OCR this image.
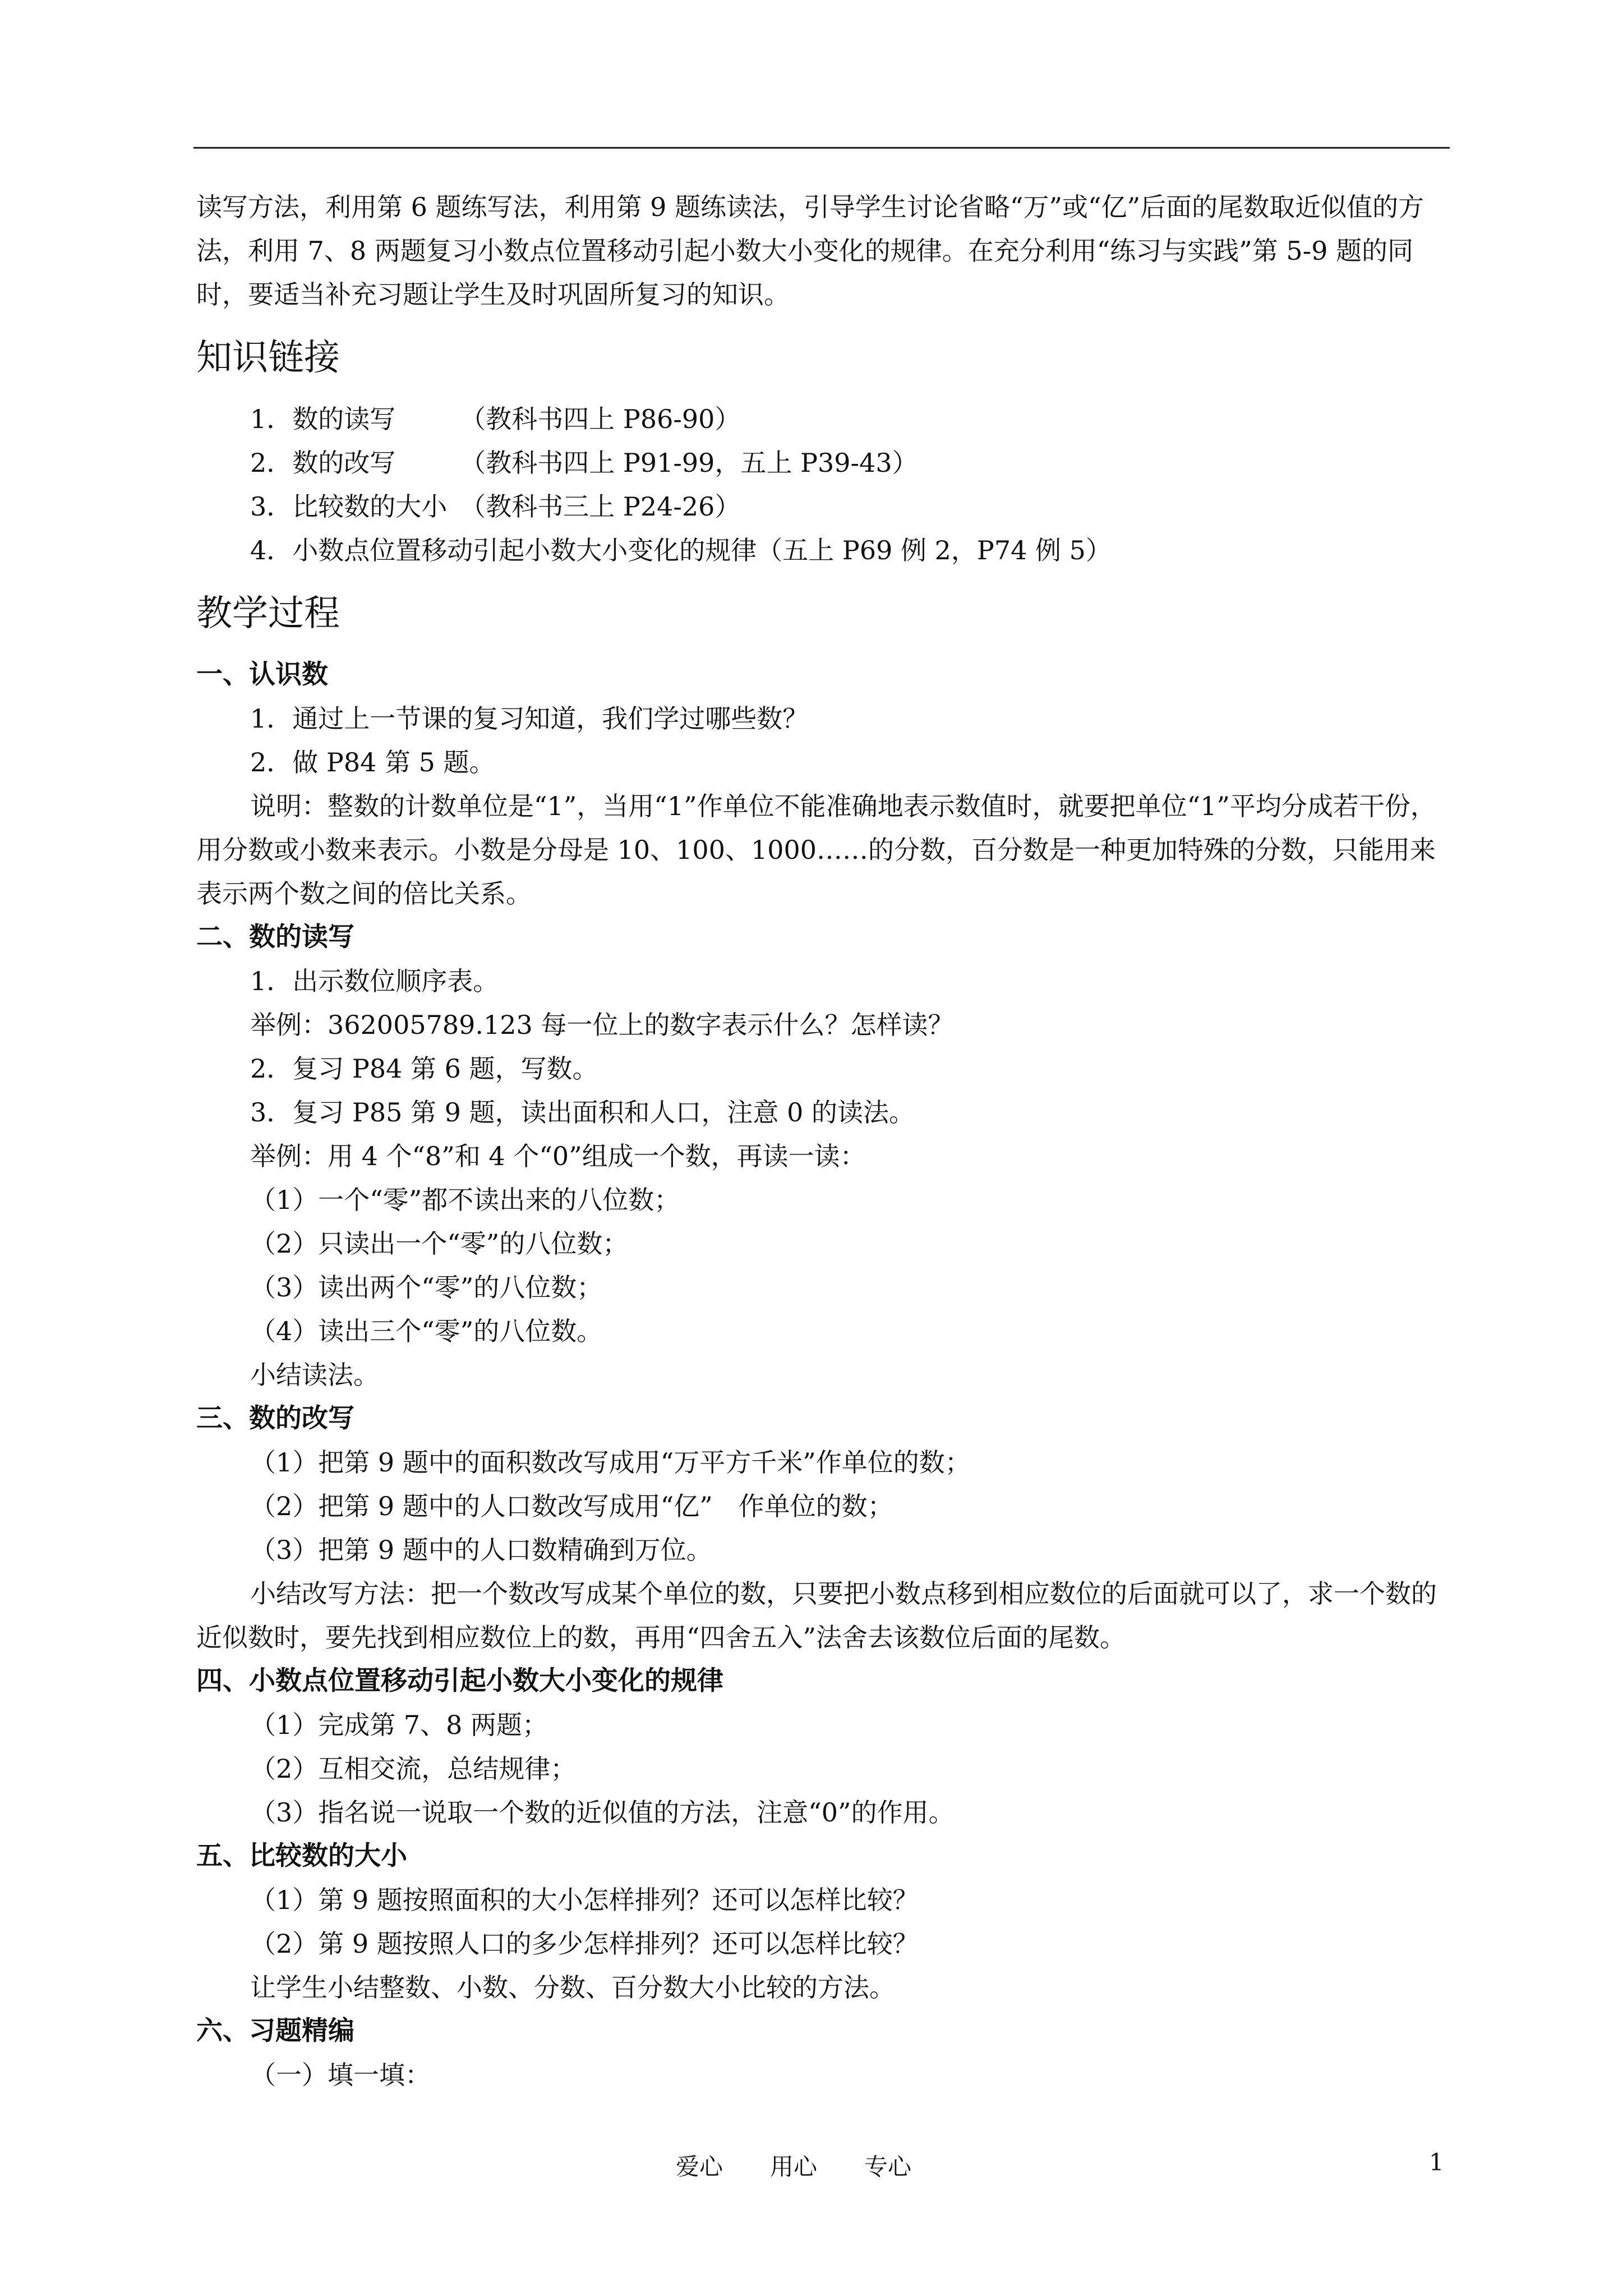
读写方法，利用第 6 题练写法，利用第 9 题练读法，引导学生讨论省略“万”或“亿”后面的尾数取近似值的方法，利用 7、8 两题复习小数点位置移动引起小数大小变化的规律。在充分利用“练习与实践”第 5-9 题的同时，要适当补充习题让学生及时巩固所复习的知识。

知识链接

1．数的读写　　　（教科书四上 P86-90）

2．数的改写　　　（教科书四上 P91-99，五上 P39-43）

3．比较数的大小　（教科书三上 P24-26）

4．小数点位置移动引起小数大小变化的规律（五上 P69 例 2，P74 例 5）

教学过程
一、认识数

1．通过上一节课的复习知道，我们学过哪些数？

2．做 P84 第 5 题。

说明：整数的计数单位是“1”，当用“1”作单位不能准确地表示数值时，就要把单位“1”平均分成若干份，用分数或小数来表示。小数是分母是 10、100、1000……的分数，百分数是一种更加特殊的分数，只能用来表示两个数之间的倍比关系。

二、数的读写

1．出示数位顺序表。

举例：362005789.123 每一位上的数字表示什么？怎样读？

2．复习 P84 第 6 题，写数。

3．复习 P85 第 9 题，读出面积和人口，注意 0 的读法。

举例：用 4 个“8”和 4 个“0”组成一个数，再读一读：

（1）一个“零”都不读出来的八位数；

（2）只读出一个“零”的八位数；

（3）读出两个“零”的八位数；

（4）读出三个“零”的八位数。

小结读法。

三、数的改写

（1）把第 9 题中的面积数改写成用“万平方千米”作单位的数；

（2）把第 9 题中的人口数改写成用“亿”　作单位的数；

（3）把第 9 题中的人口数精确到万位。

小结改写方法：把一个数改写成某个单位的数，只要把小数点移到相应数位的后面就可以了，求一个数的近似数时，要先找到相应数位上的数，再用“四舍五入”法舍去该数位后面的尾数。

四、小数点位置移动引起小数大小变化的规律

（1）完成第 7、8 两题；

（2）互相交流，总结规律；

（3）指名说一说取一个数的近似值的方法，注意“0”的作用。

五、比较数的大小

（1）第 9 题按照面积的大小怎样排列？还可以怎样比较？

（2）第 9 题按照人口的多少怎样排列？还可以怎样比较？

让学生小结整数、小数、分数、百分数大小比较的方法。

六、习题精编

（一）填一填：

爱心　　用心　　专心	1
